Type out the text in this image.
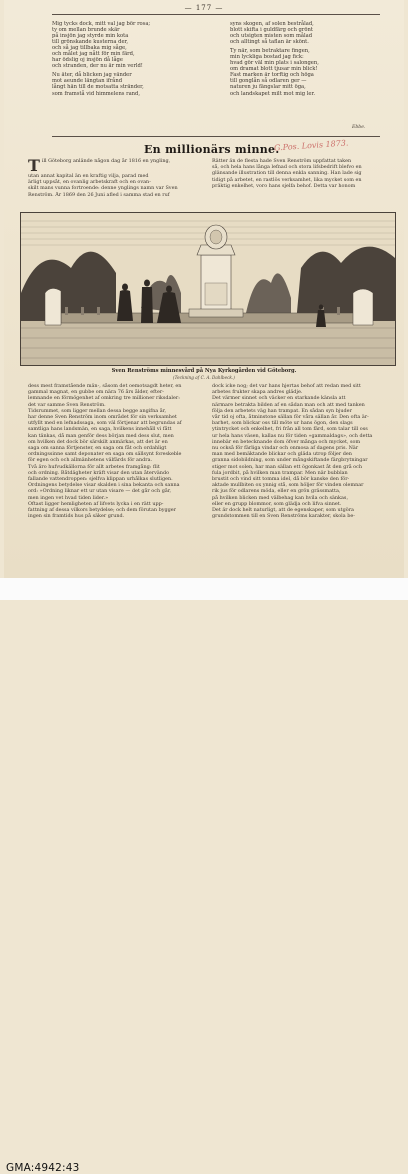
— 177 —
Mig tycks dock, mitt val jag bör rosa;
ty om mellan brunde skär
på insjön jag styrde min kota
till grönskande kusterna der,
och så jag tillbaka mig såge,
och målet jag nått för min färd,
har ödslig oj insjön då låge
och stranden, der nu är min verld!
Nu äter, då blicken jag vänder
mot aeunde längtan ifrånd
långt hän till de motsatta stränder,
som framstå vid himmelens rand,
syns skogen, af solen bestrålad,
blott skifta i guldfärg och grönt
och utsigten misten som målad
och alltingt så taflan är skönt.
Ty när, som betraktare fingen,
min lyckliga bostad jag fick:
hvad gör väl min plats i salongen,
om dramat blott tjusar min blick!
Fast marken är torftig och höga
till gonglån så odlaren ger —
naturen ju fängslar mitt öga,
och landskapet milt mot mig ler.
Ebbe.
En millionärs minne.
G.Pos. Lovis 1873.
Till Göteborg anlände någon dag år 1816 en yngling,
utan annat kapital än en kraftig vilja, parad med
ärligt uppsåt, en ovanlig arbetskraft och en ovan-
skilt mans vunna fortroende: denne ynglings namn var Sven
Renström. År 1869 den 26 Juni afled i samma stad en ruf
Rätter än de flesta hade Sven Renström uppfattat taken
så, och hela hans långa lefnad och stora lifsbedrift blefvo en
glänsande illustration till denna enkla sanning. Han lade sig
tidigt på arbetet, en rastlös verksamhet, lika mycket som en
präktig enkelhet, voro hans sjelfa behof. Detta var honom
Sven Renströms minnesvård på Nya Kyrkogården vid Göteborg.
(Teckning af C. A. Dahlbeck.)
dess mest framstående män-, såsom det oemotsagdt heter, en
gammal magnat, en gubbe om nära 76 års ålder, efter-
lemnande en förmögenhet af omkring tre millioner riksdaler:
det var samme Sven Renström.
Tidsrummet, som ligger mellan dessa begge angifna år,
har denne Sven Renström inom området för sin verksamhet
utfyllt med en lefnadssaga, som väl förtjenar att begrundas af
samtliga hans landsmän, en saga, hvilkens innehåll vi fått
kan tänkas, då man genför dess början med dess slut, men
om hvilken det dock bör särskilt anmärkas, att det är en
saga om sanna förtjenster, en saga om fåt och ordahligt
ordningssinne samt deponater en saga om sällsynt foreskeble
för egen och och allmänhetens välfärds för andra.
Två äro hufvudkällorna för allt arbetes framgång: flit
och ordning. Båtdägheter kräft visar den utan återvändo
fallande vattendroppen: sjelfva klippan urhålkas slutligen.
Ordningens betydelse visar skalden i sina bekanta och sanna
ord: »Ordning liknar ett ur utan visare — det går och går,
men ingen vet hvad tiden lider.»
Oftast ligger hemligheten af lifvets lycka i en rätt upp-
fattning af dessa vilkors betydelse; och dem förutan bygger
ingen sin framtids hus på säker grund.
dock icke nog; det var hans hjertas behof att redan med sitt
arbetes frukter skapa andres glädje.
Det värmer sinnet och väcker en starkande känsla att
närmare betrakta bilden af en sådan man och att med tanken
följa den arbetets väg han trampat. En sådan syn bjuder
vår tid oj ofta, åtminstone sällan för våra sällan år. Den ofta är-
barhet, som blickar oss till möte ur hans ögon, den slags
ytintrycket och enkelhet, fri från all tom färd, som talar till oss
ur hela hans väsen, kallas nu för tiden »gammaldags», och detta
innebär en betecknande dom öfver många och mycket, som
nu också för färliga vindar och onmosa af dagens pris. När
man med bemäktande blickar och gläda utrop följer den
granna sidobildning, som under mångskiftande färgbrytningar
stiger mot solen, har man sällan ett ögonkast åt den grå och
fula jordbit, på hvilken man trampar. Men när bubblan
brustit och vind sitt tomma idel, då bör kanske den för-
aktade mullbiten ox ynnig stå, som höljer för vinden olemnar
rik jus för odlarens möda, eller en grön grässmatta,
på hvilken blicken med välbehag kan hvila och sänkas,
eller en grupp blommor, som glädja och lifva sinnet.
Det är dock helt naturligt, att de egenskaper, som utgöra
grundstommen till en Sven Renströms karakter, skola be-
GMA:4942:43
